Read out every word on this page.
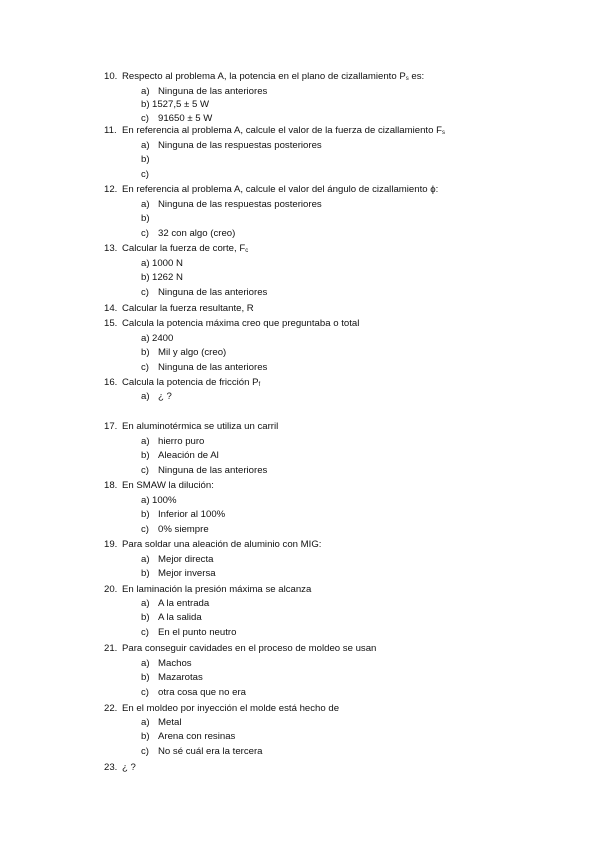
10. Respecto al problema A, la potencia en el plano de cizallamiento $P_s$ es:
a) Ninguna de las anteriores
b) 1527,5 ± 5 W
c) 91650 ± 5 W
11. En referencia al problema A, calcule el valor de la fuerza de cizallamiento $F_s$
a) Ninguna de las respuestas posteriores
b)
c)
12. En referencia al problema A, calcule el valor del ángulo de cizallamiento ϕ:
a) Ninguna de las respuestas posteriores
b)
c) 32 con algo (creo)
13. Calcular la fuerza de corte, $F_c$
a) 1000 N
b) 1262 N
c) Ninguna de las anteriores
14. Calcular la fuerza resultante, R
15. Calcula la potencia máxima creo que preguntaba o total
a) 2400
b) Mil y algo (creo)
c) Ninguna de las anteriores
16. Calcula la potencia de fricción $P_f$
a) ¿ ?
17. En aluminotérmica se utiliza un carril
a) hierro puro
b) Aleación de Al
c) Ninguna de las anteriores
18. En SMAW la dilución:
a) 100%
b) Inferior al 100%
c) 0% siempre
19. Para soldar una aleación de aluminio con MIG:
a) Mejor directa
b) Mejor inversa
20. En laminación la presión máxima se alcanza
a) A la entrada
b) A la salida
c) En el punto neutro
21. Para conseguir cavidades en el proceso de moldeo se usan
a) Machos
b) Mazarotas
c) otra cosa que no era
22. En el moldeo por inyección el molde está hecho de
a) Metal
b) Arena con resinas
c) No sé cuál era la tercera
23. ¿ ?
